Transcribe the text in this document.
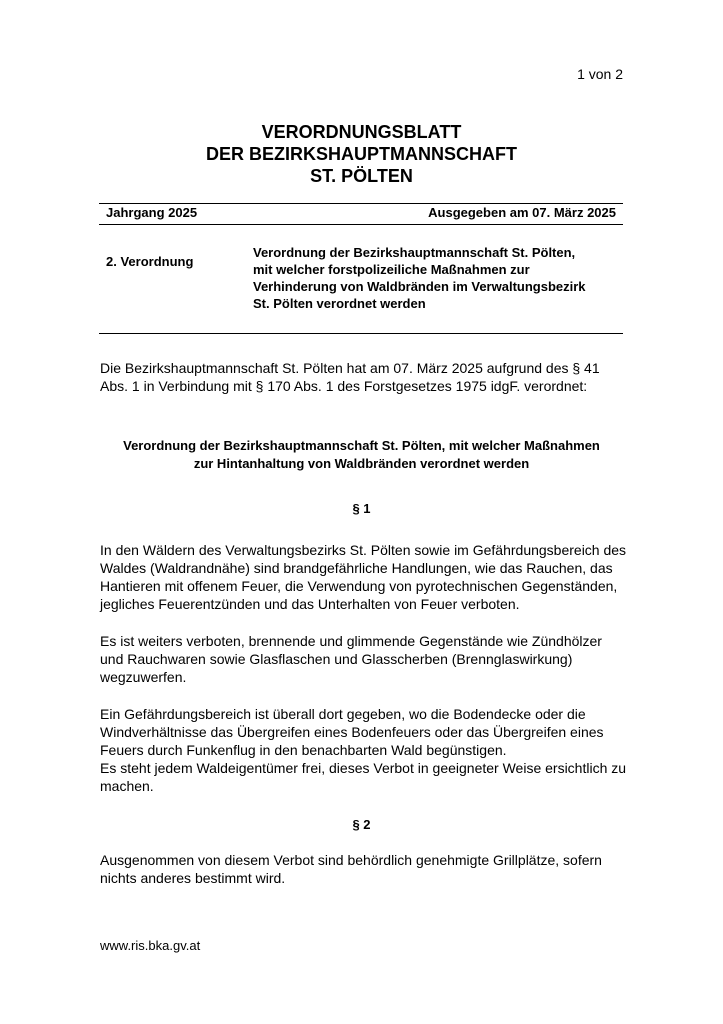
1 von 2
VERORDNUNGSBLATT
DER BEZIRKSHAUPTMANNSCHAFT
ST. PÖLTEN
Jahrgang 2025	Ausgegeben am 07. März 2025
2. Verordnung
Verordnung der Bezirkshauptmannschaft St. Pölten,
mit welcher forstpolizeiliche Maßnahmen zur
Verhinderung von Waldbränden im Verwaltungsbezirk
St. Pölten verordnet werden
Die Bezirkshauptmannschaft St. Pölten hat am 07. März 2025 aufgrund des § 41
Abs. 1 in Verbindung mit § 170 Abs. 1 des Forstgesetzes 1975 idgF. verordnet:
Verordnung der Bezirkshauptmannschaft St. Pölten, mit welcher Maßnahmen
zur Hintanhaltung von Waldbränden verordnet werden
§ 1
In den Wäldern des Verwaltungsbezirks St. Pölten sowie im Gefährdungsbereich des
Waldes (Waldrandnähe) sind brandgefährliche Handlungen, wie das Rauchen, das
Hantieren mit offenem Feuer, die Verwendung von pyrotechnischen Gegenständen,
jegliches Feuerentzünden und das Unterhalten von Feuer verboten.
Es ist weiters verboten, brennende und glimmende Gegenstände wie Zündhölzer
und Rauchwaren sowie Glasflaschen und Glasscherben (Brennglaswirkung)
wegzuwerfen.
Ein Gefährdungsbereich ist überall dort gegeben, wo die Bodendecke oder die
Windverhältnisse das Übergreifen eines Bodenfeuers oder das Übergreifen eines
Feuers durch Funkenflug in den benachbarten Wald begünstigen.
Es steht jedem Waldeigentümer frei, dieses Verbot in geeigneter Weise ersichtlich zu
machen.
§ 2
Ausgenommen von diesem Verbot sind behördlich genehmigte Grillplätze, sofern
nichts anderes bestimmt wird.
www.ris.bka.gv.at
